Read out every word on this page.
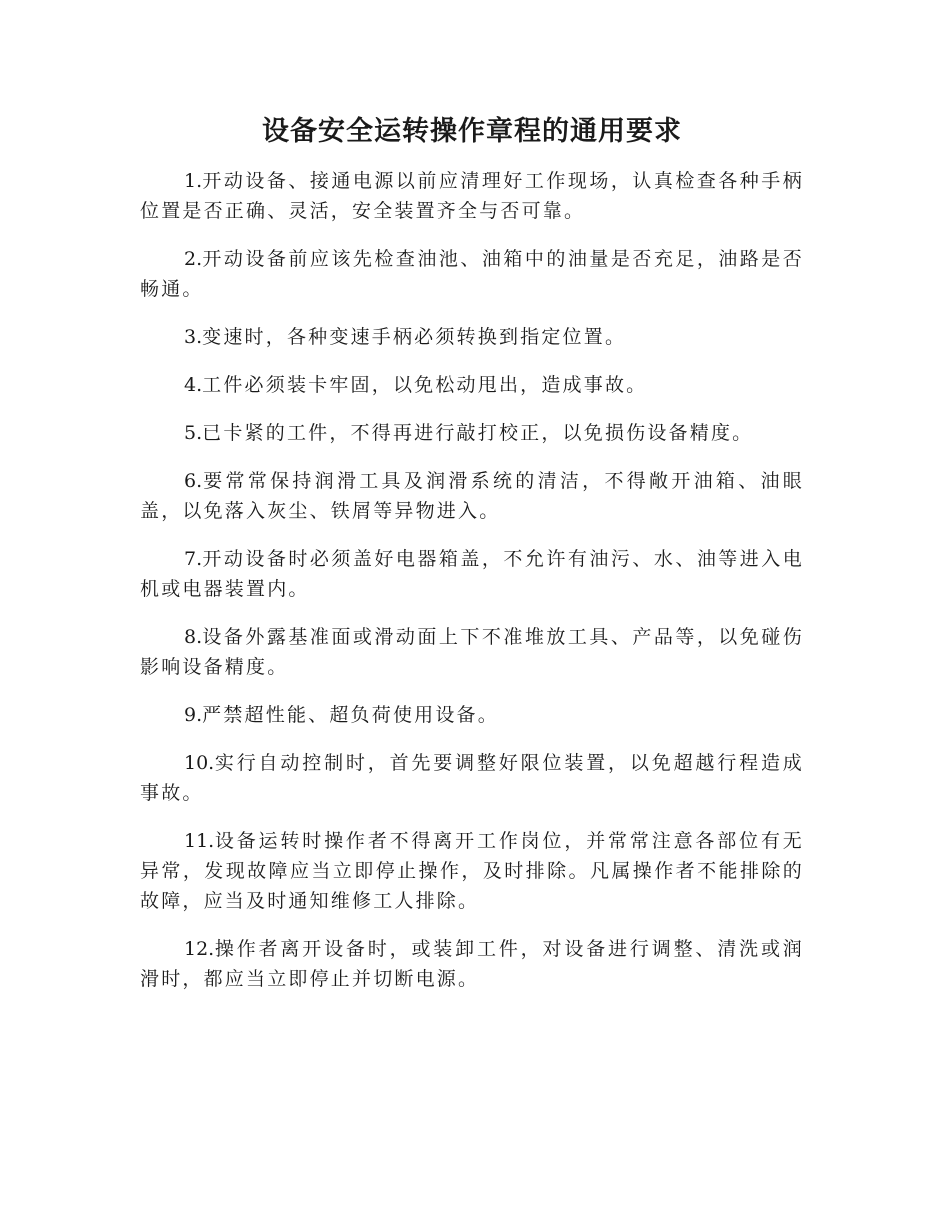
设备安全运转操作章程的通用要求
1.开动设备、接通电源以前应清理好工作现场，认真检查各种手柄位置是否正确、灵活，安全装置齐全与否可靠。
2.开动设备前应该先检查油池、油箱中的油量是否充足，油路是否畅通。
3.变速时，各种变速手柄必须转换到指定位置。
4.工件必须装卡牢固，以免松动甩出，造成事故。
5.已卡紧的工件，不得再进行敲打校正，以免损伤设备精度。
6.要常常保持润滑工具及润滑系统的清洁，不得敞开油箱、油眼盖，以免落入灰尘、铁屑等异物进入。
7.开动设备时必须盖好电器箱盖，不允许有油污、水、油等进入电机或电器装置内。
8.设备外露基准面或滑动面上下不准堆放工具、产品等，以免碰伤影响设备精度。
9.严禁超性能、超负荷使用设备。
10.实行自动控制时，首先要调整好限位装置，以免超越行程造成事故。
11.设备运转时操作者不得离开工作岗位，并常常注意各部位有无异常，发现故障应当立即停止操作，及时排除。凡属操作者不能排除的故障，应当及时通知维修工人排除。
12.操作者离开设备时，或装卸工件，对设备进行调整、清洗或润滑时，都应当立即停止并切断电源。
